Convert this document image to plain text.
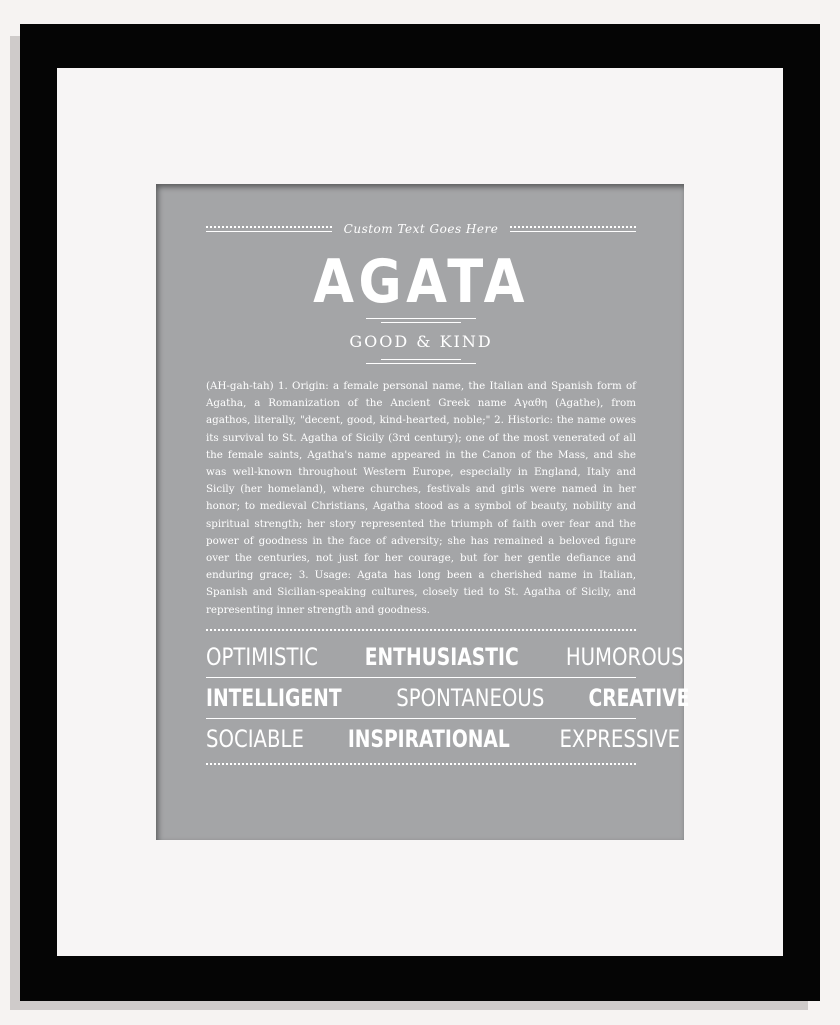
Custom Text Goes Here
AGATA
GOOD & KIND
(AH-gah-tah) 1. Origin: a female personal name, the Italian and Spanish form of Agatha, a Romanization of the Ancient Greek name Αγαθη (Agathe), from agathos, literally, "decent, good, kind-hearted, noble;" 2. Historic: the name owes its survival to St. Agatha of Sicily (3rd century); one of the most venerated of all the female saints, Agatha's name appeared in the Canon of the Mass, and she was well-known throughout Western Europe, especially in England, Italy and Sicily (her homeland), where churches, festivals and girls were named in her honor; to medieval Christians, Agatha stood as a symbol of beauty, nobility and spiritual strength; her story represented the triumph of faith over fear and the power of goodness in the face of adversity; she has remained a beloved figure over the centuries, not just for her courage, but for her gentle defiance and enduring grace; 3. Usage: Agata has long been a cherished name in Italian, Spanish and Sicilian-speaking cultures, closely tied to St. Agatha of Sicily, and representing inner strength and goodness.
OPTIMISTIC ENTHUSIASTIC HUMOROUS
INTELLIGENT SPONTANEOUS CREATIVE
SOCIABLE INSPIRATIONAL EXPRESSIVE
